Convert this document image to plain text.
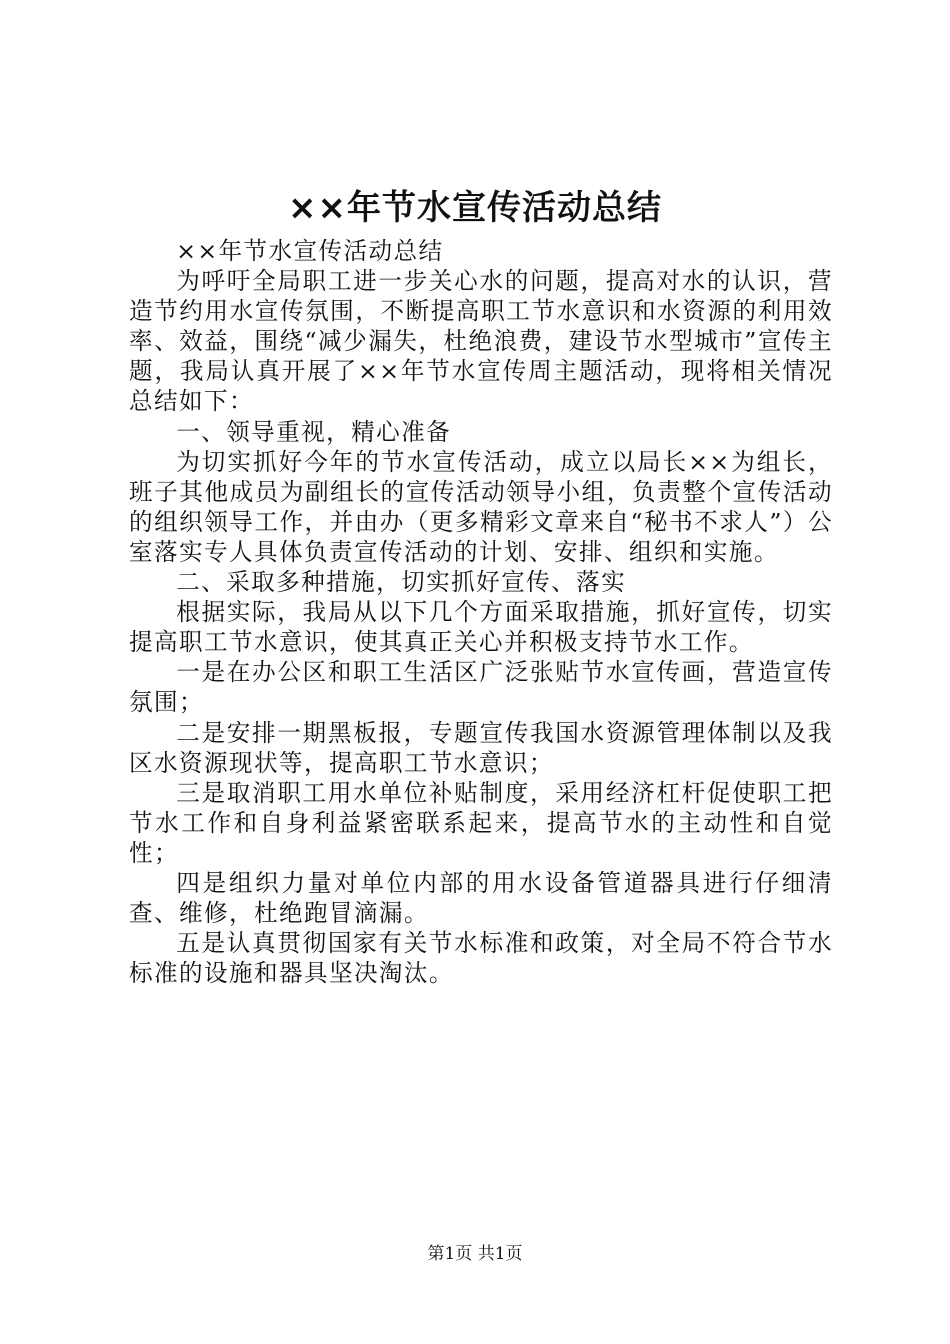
××年节水宣传活动总结

××年节水宣传活动总结

为呼吁全局职工进一步关心水的问题，提高对水的认识，营造节约用水宣传氛围，不断提高职工节水意识和水资源的利用效率、效益，围绕“减少漏失，杜绝浪费，建设节水型城市”宣传主题，我局认真开展了××年节水宣传周主题活动，现将相关情况总结如下：

一、领导重视，精心准备

为切实抓好今年的节水宣传活动，成立以局长××为组长，班子其他成员为副组长的宣传活动领导小组，负责整个宣传活动的组织领导工作，并由办（更多精彩文章来自“秘书不求人”）公室落实专人具体负责宣传活动的计划、安排、组织和实施。

二、采取多种措施，切实抓好宣传、落实

根据实际，我局从以下几个方面采取措施，抓好宣传，切实提高职工节水意识，使其真正关心并积极支持节水工作。

一是在办公区和职工生活区广泛张贴节水宣传画，营造宣传氛围；

二是安排一期黑板报，专题宣传我国水资源管理体制以及我区水资源现状等，提高职工节水意识；

三是取消职工用水单位补贴制度，采用经济杠杆促使职工把节水工作和自身利益紧密联系起来，提高节水的主动性和自觉性；

四是组织力量对单位内部的用水设备管道器具进行仔细清查、维修，杜绝跑冒滴漏。

五是认真贯彻国家有关节水标准和政策，对全局不符合节水标准的设施和器具坚决淘汰。

第1页 共1页
